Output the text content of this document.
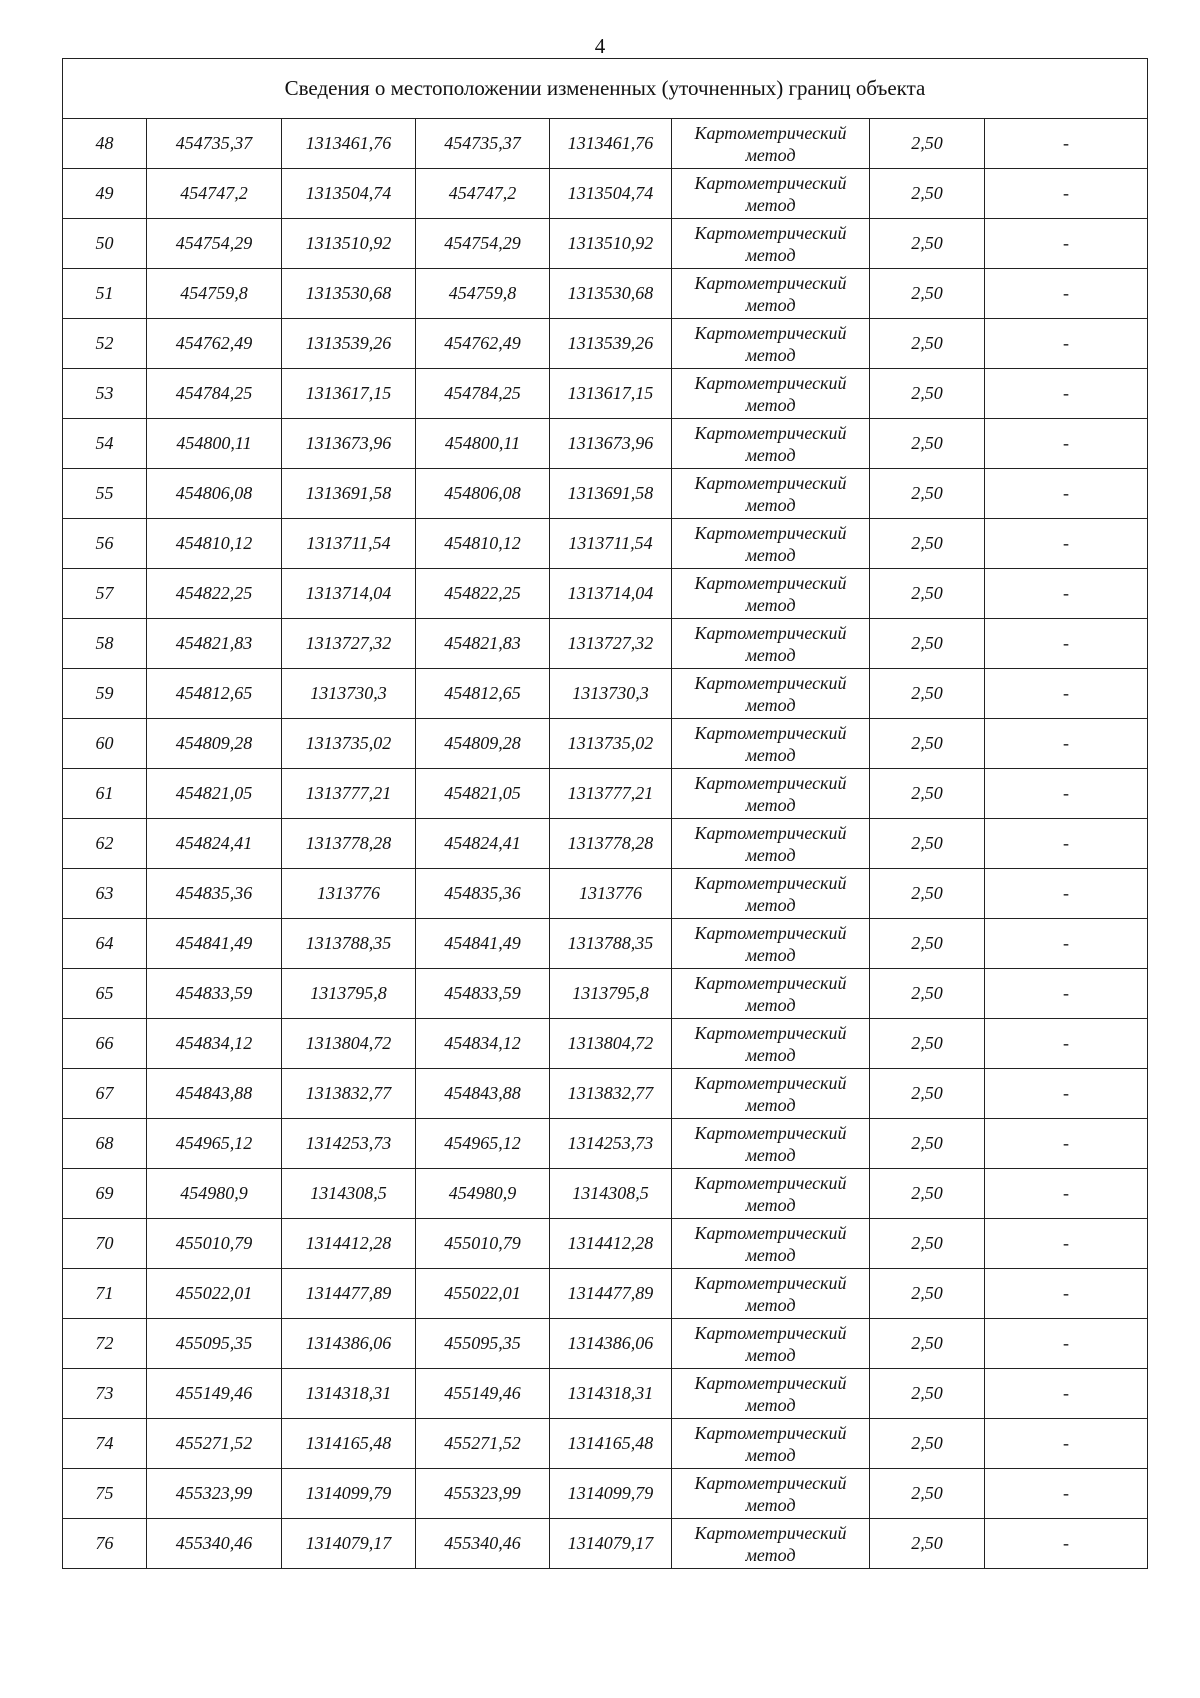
4
Сведения о местоположении измененных (уточненных) границ объекта							
48	454735,37	1313461,76	454735,37	1313461,76	Картометрический
метод	2,50	-
49	454747,2	1313504,74	454747,2	1313504,74	Картометрический
метод	2,50	-
50	454754,29	1313510,92	454754,29	1313510,92	Картометрический
метод	2,50	-
51	454759,8	1313530,68	454759,8	1313530,68	Картометрический
метод	2,50	-
52	454762,49	1313539,26	454762,49	1313539,26	Картометрический
метод	2,50	-
53	454784,25	1313617,15	454784,25	1313617,15	Картометрический
метод	2,50	-
54	454800,11	1313673,96	454800,11	1313673,96	Картометрический
метод	2,50	-
55	454806,08	1313691,58	454806,08	1313691,58	Картометрический
метод	2,50	-
56	454810,12	1313711,54	454810,12	1313711,54	Картометрический
метод	2,50	-
57	454822,25	1313714,04	454822,25	1313714,04	Картометрический
метод	2,50	-
58	454821,83	1313727,32	454821,83	1313727,32	Картометрический
метод	2,50	-
59	454812,65	1313730,3	454812,65	1313730,3	Картометрический
метод	2,50	-
60	454809,28	1313735,02	454809,28	1313735,02	Картометрический
метод	2,50	-
61	454821,05	1313777,21	454821,05	1313777,21	Картометрический
метод	2,50	-
62	454824,41	1313778,28	454824,41	1313778,28	Картометрический
метод	2,50	-
63	454835,36	1313776	454835,36	1313776	Картометрический
метод	2,50	-
64	454841,49	1313788,35	454841,49	1313788,35	Картометрический
метод	2,50	-
65	454833,59	1313795,8	454833,59	1313795,8	Картометрический
метод	2,50	-
66	454834,12	1313804,72	454834,12	1313804,72	Картометрический
метод	2,50	-
67	454843,88	1313832,77	454843,88	1313832,77	Картометрический
метод	2,50	-
68	454965,12	1314253,73	454965,12	1314253,73	Картометрический
метод	2,50	-
69	454980,9	1314308,5	454980,9	1314308,5	Картометрический
метод	2,50	-
70	455010,79	1314412,28	455010,79	1314412,28	Картометрический
метод	2,50	-
71	455022,01	1314477,89	455022,01	1314477,89	Картометрический
метод	2,50	-
72	455095,35	1314386,06	455095,35	1314386,06	Картометрический
метод	2,50	-
73	455149,46	1314318,31	455149,46	1314318,31	Картометрический
метод	2,50	-
74	455271,52	1314165,48	455271,52	1314165,48	Картометрический
метод	2,50	-
75	455323,99	1314099,79	455323,99	1314099,79	Картометрический
метод	2,50	-
76	455340,46	1314079,17	455340,46	1314079,17	Картометрический
метод	2,50	-
